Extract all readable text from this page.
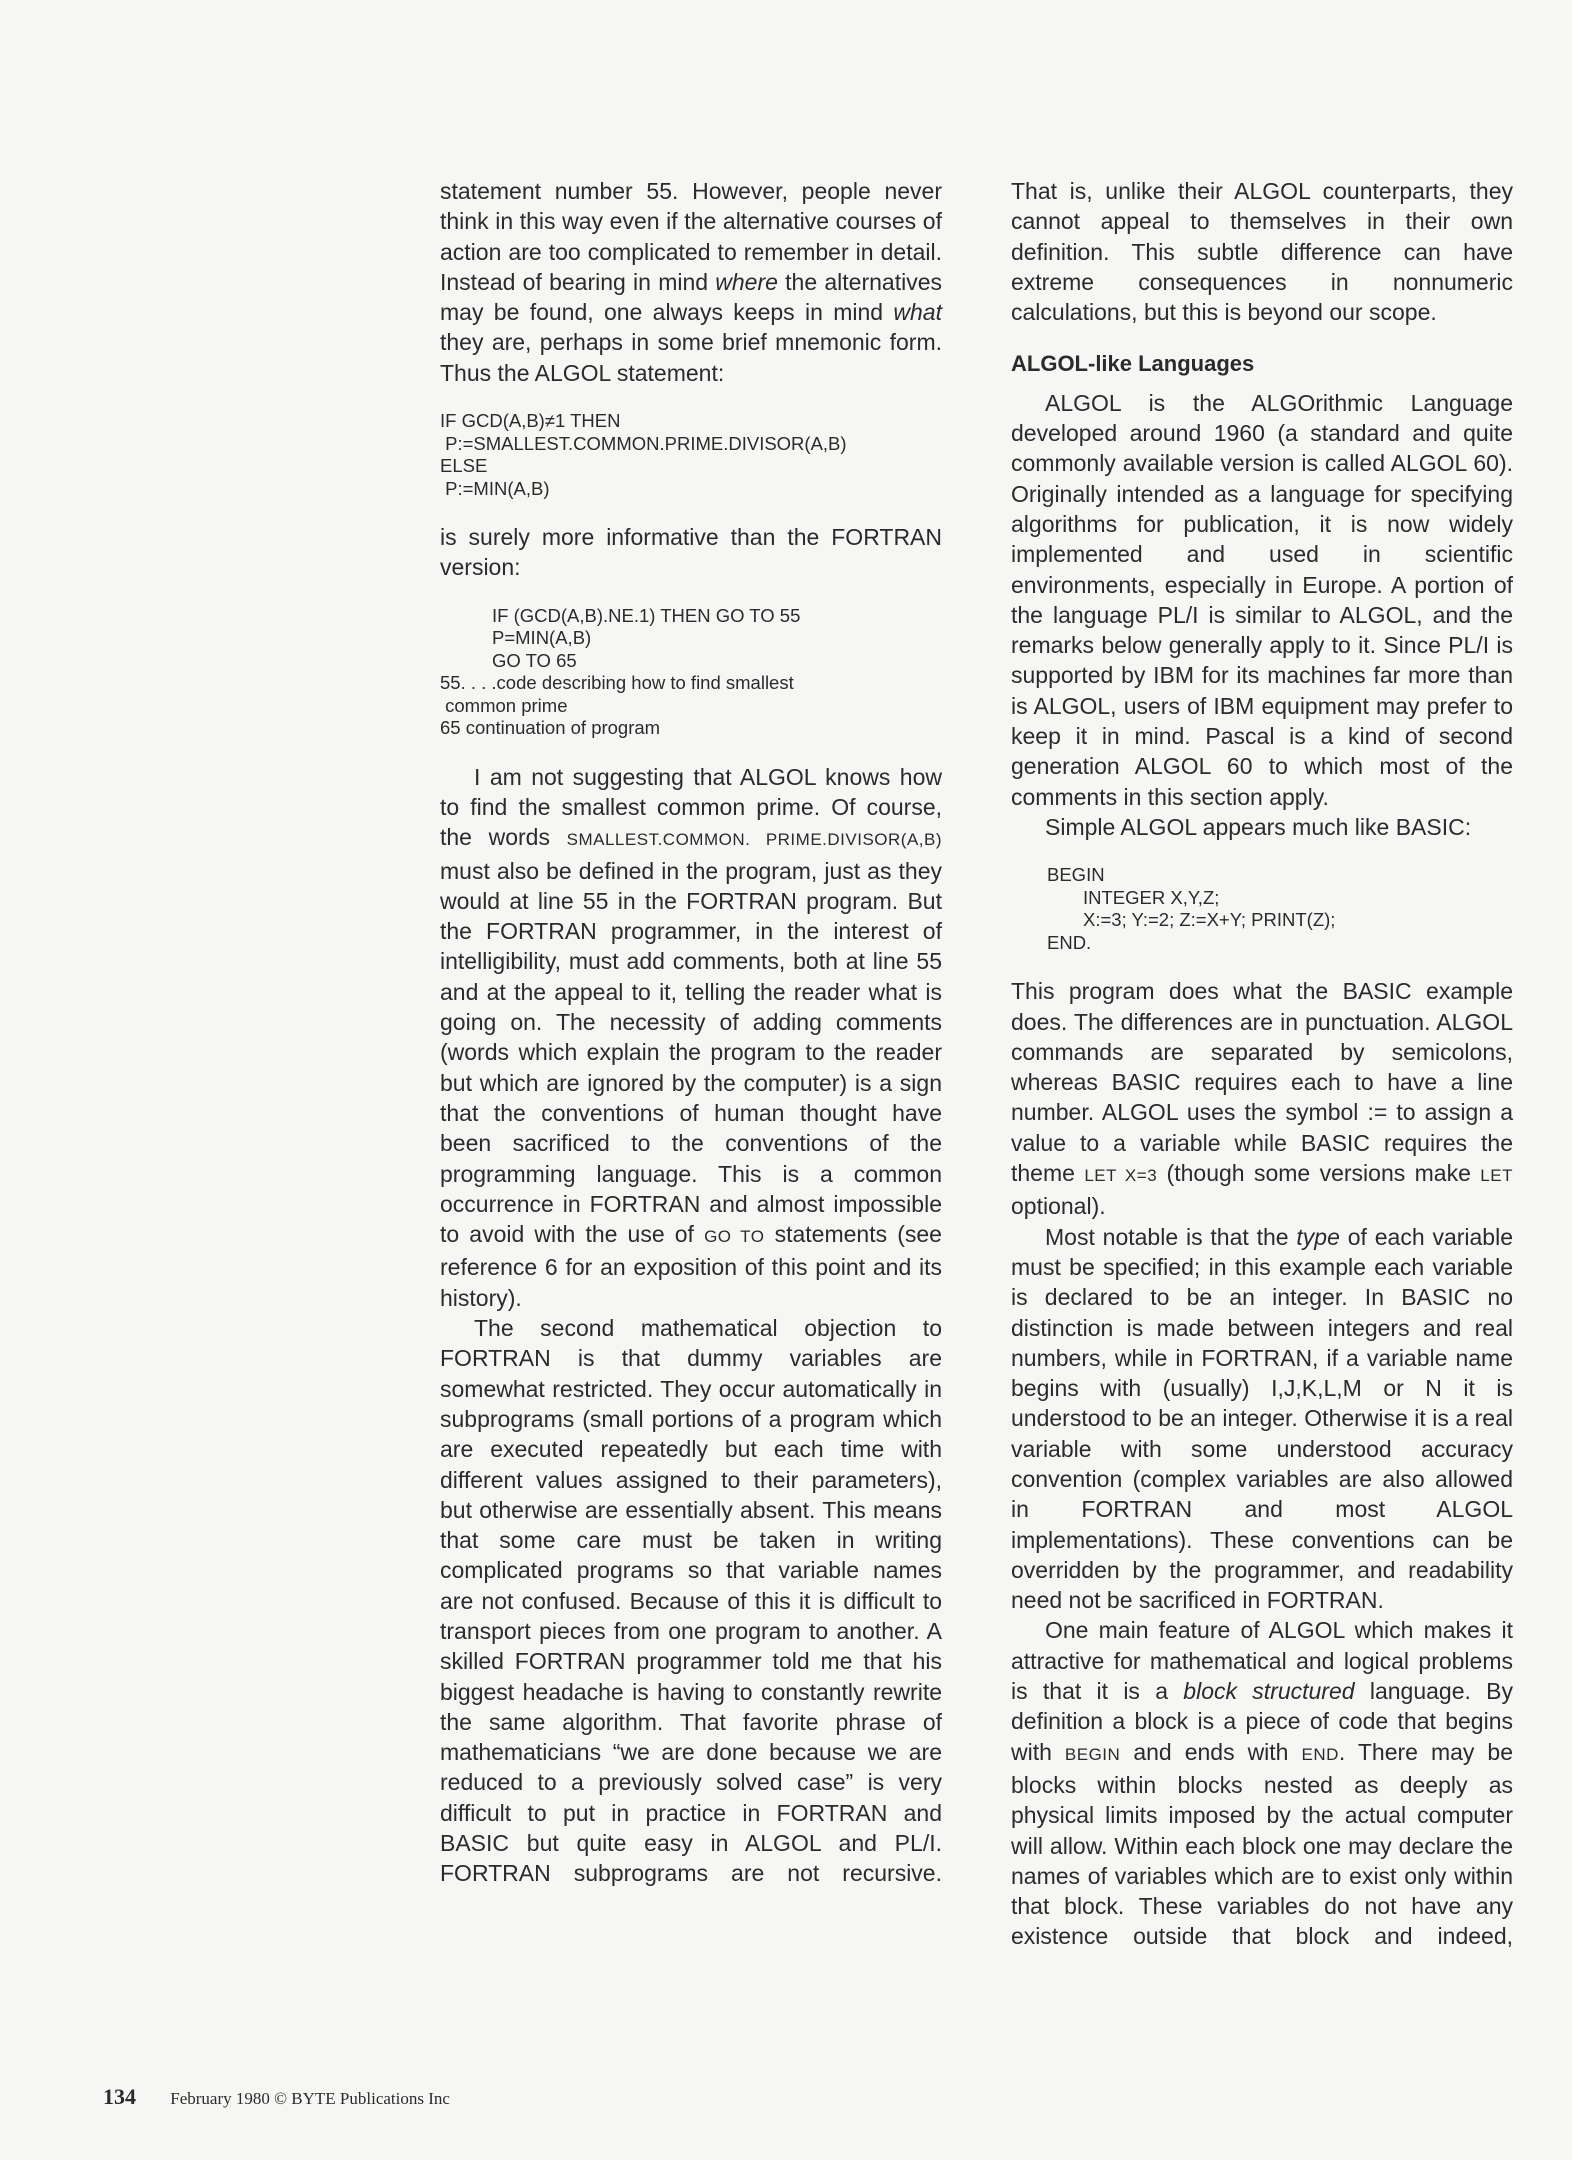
statement number 55. However, people never think in this way even if the alternative courses of action are too complicated to remember in detail. Instead of bearing in mind where the alternatives may be found, one always keeps in mind what they are, perhaps in some brief mnemonic form. Thus the ALGOL statement:

IF GCD(A,B)≠1 THEN
P:=SMALLEST.COMMON.PRIME.DIVISOR(A,B)
ELSE
P:=MIN(A,B)

is surely more informative than the FORTRAN version:

IF (GCD(A,B).NE.1) THEN GO TO 55
P=MIN(A,B)
GO TO 65
55. . . .code describing how to find smallest
common prime
65 continuation of program

I am not suggesting that ALGOL knows how to find the smallest common prime. Of course, the words SMALLEST.COMMON. PRIME.DIVISOR(A,B) must also be defined in the program, just as they would at line 55 in the FORTRAN program. But the FORTRAN programmer, in the interest of intelligibility, must add comments, both at line 55 and at the appeal to it, telling the reader what is going on. The necessity of adding comments (words which explain the program to the reader but which are ignored by the computer) is a sign that the conventions of human thought have been sacrificed to the conventions of the programming language. This is a common occurrence in FORTRAN and almost impossible to avoid with the use of GO TO statements (see reference 6 for an exposition of this point and its history).

The second mathematical objection to FORTRAN is that dummy variables are somewhat restricted. They occur automatically in subprograms (small portions of a program which are executed repeatedly but each time with different values assigned to their parameters), but otherwise are essentially absent. This means that some care must be taken in writing complicated programs so that variable names are not confused. Because of this it is difficult to transport pieces from one program to another. A skilled FORTRAN programmer told me that his biggest headache is having to constantly rewrite the same algorithm. That favorite phrase of mathematicians “we are done because we are reduced to a previously solved case” is very difficult to put in practice in FORTRAN and BASIC but quite easy in ALGOL and PL/I. FORTRAN subprograms are not recursive.

That is, unlike their ALGOL counterparts, they cannot appeal to themselves in their own definition. This subtle difference can have extreme consequences in nonnumeric calculations, but this is beyond our scope.

ALGOL-like Languages

ALGOL is the ALGOrithmic Language developed around 1960 (a standard and quite commonly available version is called ALGOL 60). Originally intended as a language for specifying algorithms for publication, it is now widely implemented and used in scientific environments, especially in Europe. A portion of the language PL/I is similar to ALGOL, and the remarks below generally apply to it. Since PL/I is supported by IBM for its machines far more than is ALGOL, users of IBM equipment may prefer to keep it in mind. Pascal is a kind of second generation ALGOL 60 to which most of the comments in this section apply.

Simple ALGOL appears much like BASIC:

BEGIN
INTEGER X,Y,Z;
X:=3; Y:=2; Z:=X+Y; PRINT(Z);
END.

This program does what the BASIC example does. The differences are in punctuation. ALGOL commands are separated by semicolons, whereas BASIC requires each to have a line number. ALGOL uses the symbol := to assign a value to a variable while BASIC requires the theme LET X=3 (though some versions make LET optional).

Most notable is that the type of each variable must be specified; in this example each variable is declared to be an integer. In BASIC no distinction is made between integers and real numbers, while in FORTRAN, if a variable name begins with (usually) I,J,K,L,M or N it is understood to be an integer. Otherwise it is a real variable with some understood accuracy convention (complex variables are also allowed in FORTRAN and most ALGOL implementations). These conventions can be overridden by the programmer, and readability need not be sacrificed in FORTRAN.

One main feature of ALGOL which makes it attractive for mathematical and logical problems is that it is a block structured language. By definition a block is a piece of code that begins with BEGIN and ends with END. There may be blocks within blocks nested as deeply as physical limits imposed by the actual computer will allow. Within each block one may declare the names of variables which are to exist only within that block. These variables do not have any existence outside that block and indeed,

134 February 1980 © BYTE Publications Inc
